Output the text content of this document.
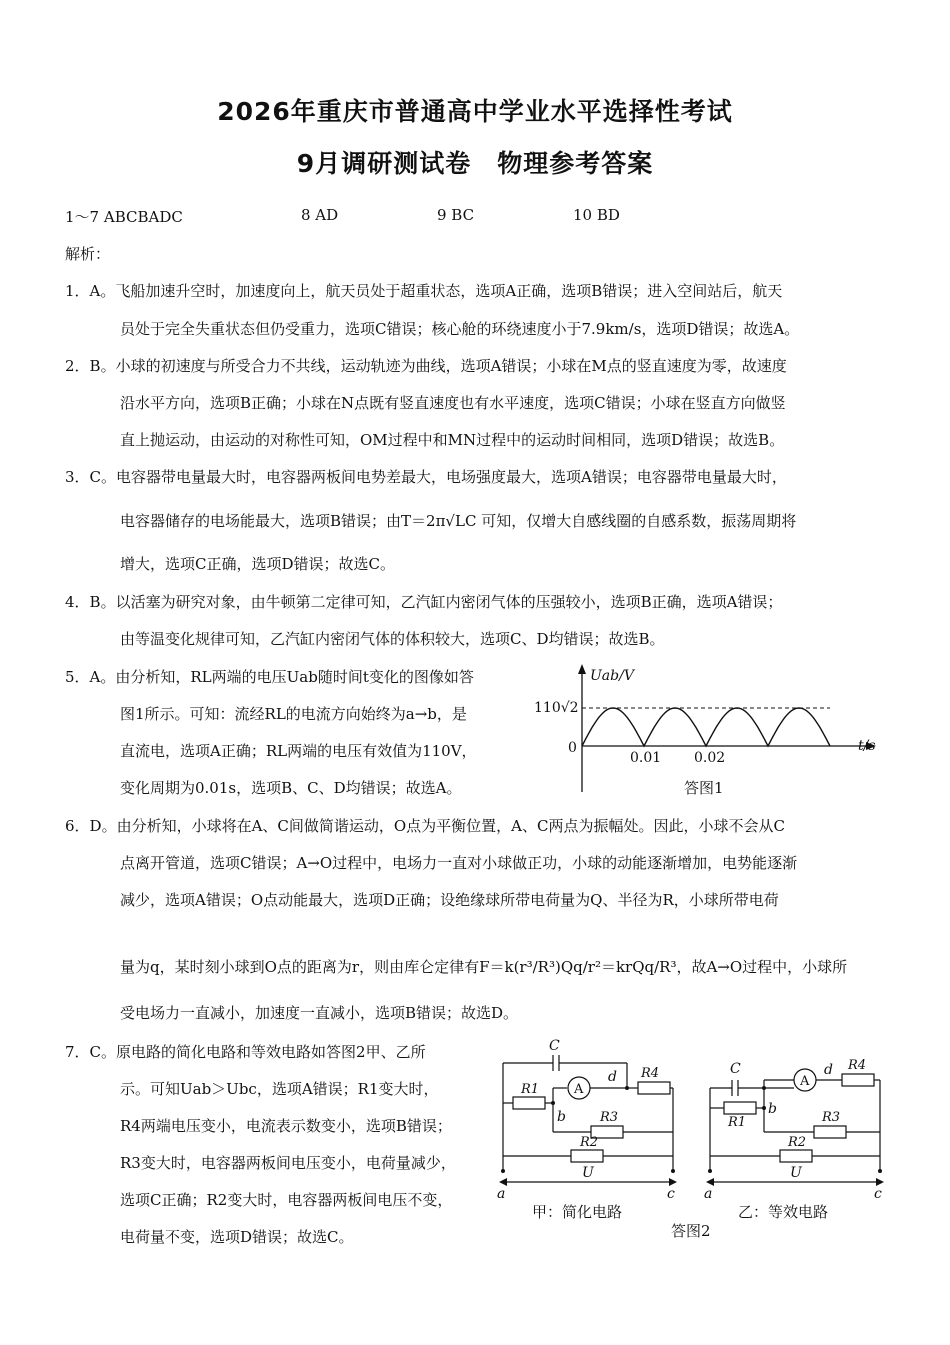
2026年重庆市普通高中学业水平选择性考试
9月调研测试卷　物理参考答案
1～7 ABCBADC	8 AD	9 BC	10 BD
解析：
1．A。飞船加速升空时，加速度向上，航天员处于超重状态，选项A正确，选项B错误；进入空间站后，航天
员处于完全失重状态但仍受重力，选项C错误；核心舱的环绕速度小于7.9km/s，选项D错误；故选A。
2．B。小球的初速度与所受合力不共线，运动轨迹为曲线，选项A错误；小球在M点的竖直速度为零，故速度
沿水平方向，选项B正确；小球在N点既有竖直速度也有水平速度，选项C错误；小球在竖直方向做竖
直上抛运动，由运动的对称性可知，OM过程中和MN过程中的运动时间相同，选项D错误；故选B。
3．C。电容器带电量最大时，电容器两板间电势差最大，电场强度最大，选项A错误；电容器带电量最大时，
电容器储存的电场能最大，选项B错误；由T＝2π√LC 可知，仅增大自感线圈的自感系数，振荡周期将
增大，选项C正确，选项D错误；故选C。
4．B。以活塞为研究对象，由牛顿第二定律可知，乙汽缸内密闭气体的压强较小，选项B正确，选项A错误；
由等温变化规律可知，乙汽缸内密闭气体的体积较大，选项C、D均错误；故选B。
5．A。由分析知，RL两端的电压Uab随时间t变化的图像如答
图1所示。可知：流经RL的电流方向始终为a→b，是
直流电，选项A正确；RL两端的电压有效值为110V，
变化周期为0.01s，选项B、C、D均错误；故选A。
Uab/V
t/s
110√2
0
0.01 0.02
答图1
6．D。由分析知，小球将在A、C间做简谐运动，O点为平衡位置，A、C两点为振幅处。因此，小球不会从C
点离开管道，选项C错误；A→O过程中，电场力一直对小球做正功，小球的动能逐渐增加，电势能逐渐
减少，选项A错误；O点动能最大，选项D正确；设绝缘球所带电荷量为Q、半径为R，小球所带电荷
量为q，某时刻小球到O点的距离为r，则由库仑定律有F＝k(r³/R³)Qq/r²＝krQq/R³，故A→O过程中，小球所
受电场力一直减小，加速度一直减小，选项B错误；故选D。
7．C。原电路的简化电路和等效电路如答图2甲、乙所
示。可知Uab＞Ubc，选项A错误；R1变大时，
R4两端电压变小，电流表示数变小，选项B错误；
R3变大时，电容器两板间电压变小，电荷量减少，
选项C正确；R2变大时，电容器两板间电压不变，
电荷量不变，选项D错误；故选C。
C
A
d R4
R1
b	R3
R2
U
a	c
甲：简化电路
C
A
d R4
R1
b
R3
R2
U
a	c
乙：等效电路
答图2
